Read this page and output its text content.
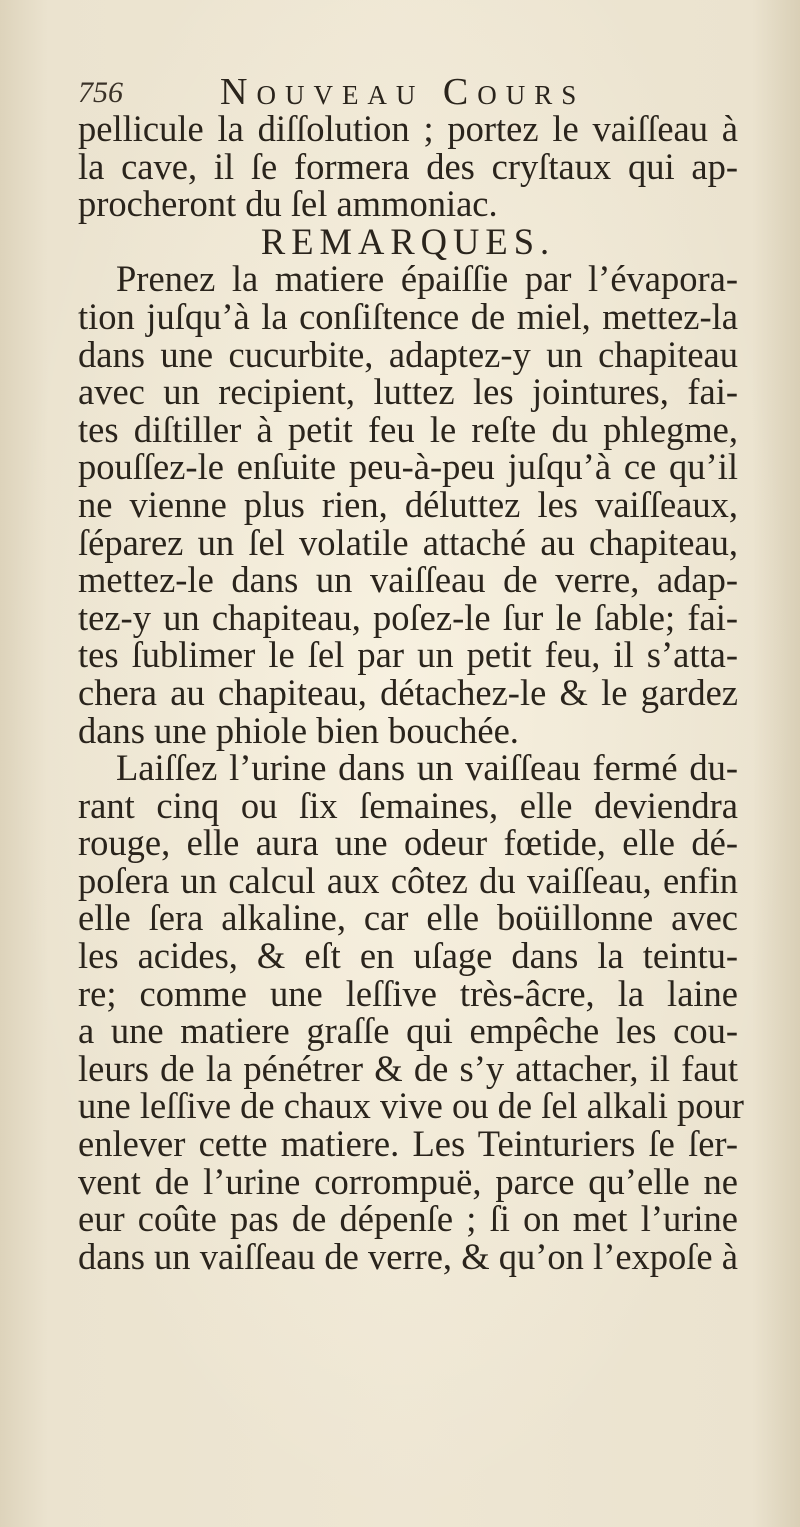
756	Nouveau Cours
pellicule la diſſolution ; portez le vaiſſeau à
la cave, il ſe formera des cryſtaux qui ap-
procheront du ſel ammoniac.
REMARQUES.
Prenez la matiere épaiſſie par l’évapora-
tion juſqu’à la conſiſtence de miel, mettez-la
dans une cucurbite, adaptez-y un chapiteau
avec un recipient, luttez les jointures, fai-
tes diſtiller à petit feu le reſte du phlegme,
pouſſez-le enſuite peu-à-peu juſqu’à ce qu’il
ne vienne plus rien, déluttez les vaiſſeaux,
ſéparez un ſel volatile attaché au chapiteau,
mettez-le dans un vaiſſeau de verre, adap-
tez-y un chapiteau, poſez-le ſur le ſable; fai-
tes ſublimer le ſel par un petit feu, il s’atta-
chera au chapiteau, détachez-le & le gardez
dans une phiole bien bouchée.
Laiſſez l’urine dans un vaiſſeau fermé du-
rant cinq ou ſix ſemaines, elle deviendra
rouge, elle aura une odeur fœtide, elle dé-
poſera un calcul aux côtez du vaiſſeau, enfin
elle ſera alkaline, car elle boüillonne avec
les acides, & eſt en uſage dans la teintu-
re; comme une leſſive très-âcre, la laine
a une matiere graſſe qui empêche les cou-
leurs de la pénétrer & de s’y attacher, il faut
une leſſive de chaux vive ou de ſel alkali pour
enlever cette matiere. Les Teinturiers ſe ſer-
vent de l’urine corrompuë, parce qu’elle ne
eur coûte pas de dépenſe ; ſi on met l’urine
dans un vaiſſeau de verre, & qu’on l’expoſe à
